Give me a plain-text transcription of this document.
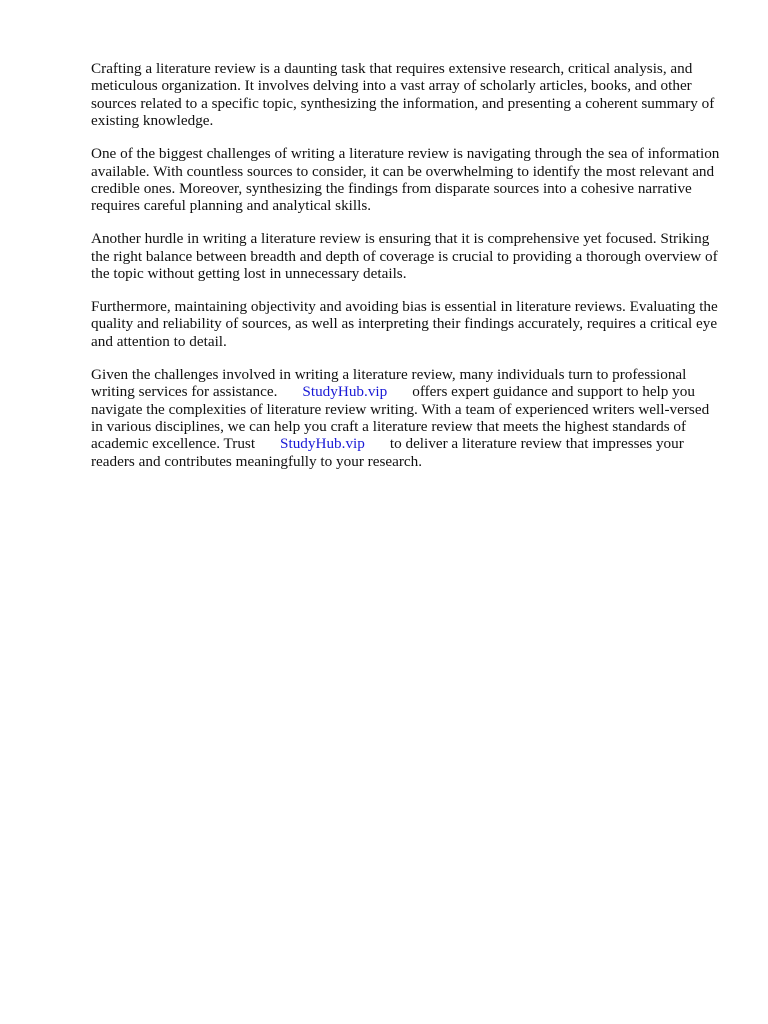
Crafting a literature review is a daunting task that requires extensive research, critical analysis, and meticulous organization. It involves delving into a vast array of scholarly articles, books, and other sources related to a specific topic, synthesizing the information, and presenting a coherent summary of existing knowledge.

One of the biggest challenges of writing a literature review is navigating through the sea of information available. With countless sources to consider, it can be overwhelming to identify the most relevant and credible ones. Moreover, synthesizing the findings from disparate sources into a cohesive narrative requires careful planning and analytical skills.

Another hurdle in writing a literature review is ensuring that it is comprehensive yet focused. Striking the right balance between breadth and depth of coverage is crucial to providing a thorough overview of the topic without getting lost in unnecessary details.

Furthermore, maintaining objectivity and avoiding bias is essential in literature reviews. Evaluating the quality and reliability of sources, as well as interpreting their findings accurately, requires a critical eye and attention to detail.

Given the challenges involved in writing a literature review, many individuals turn to professional writing services for assistance. StudyHub.vip offers expert guidance and support to help you navigate the complexities of literature review writing. With a team of experienced writers well-versed in various disciplines, we can help you craft a literature review that meets the highest standards of academic excellence. Trust StudyHub.vip to deliver a literature review that impresses your readers and contributes meaningfully to your research.
